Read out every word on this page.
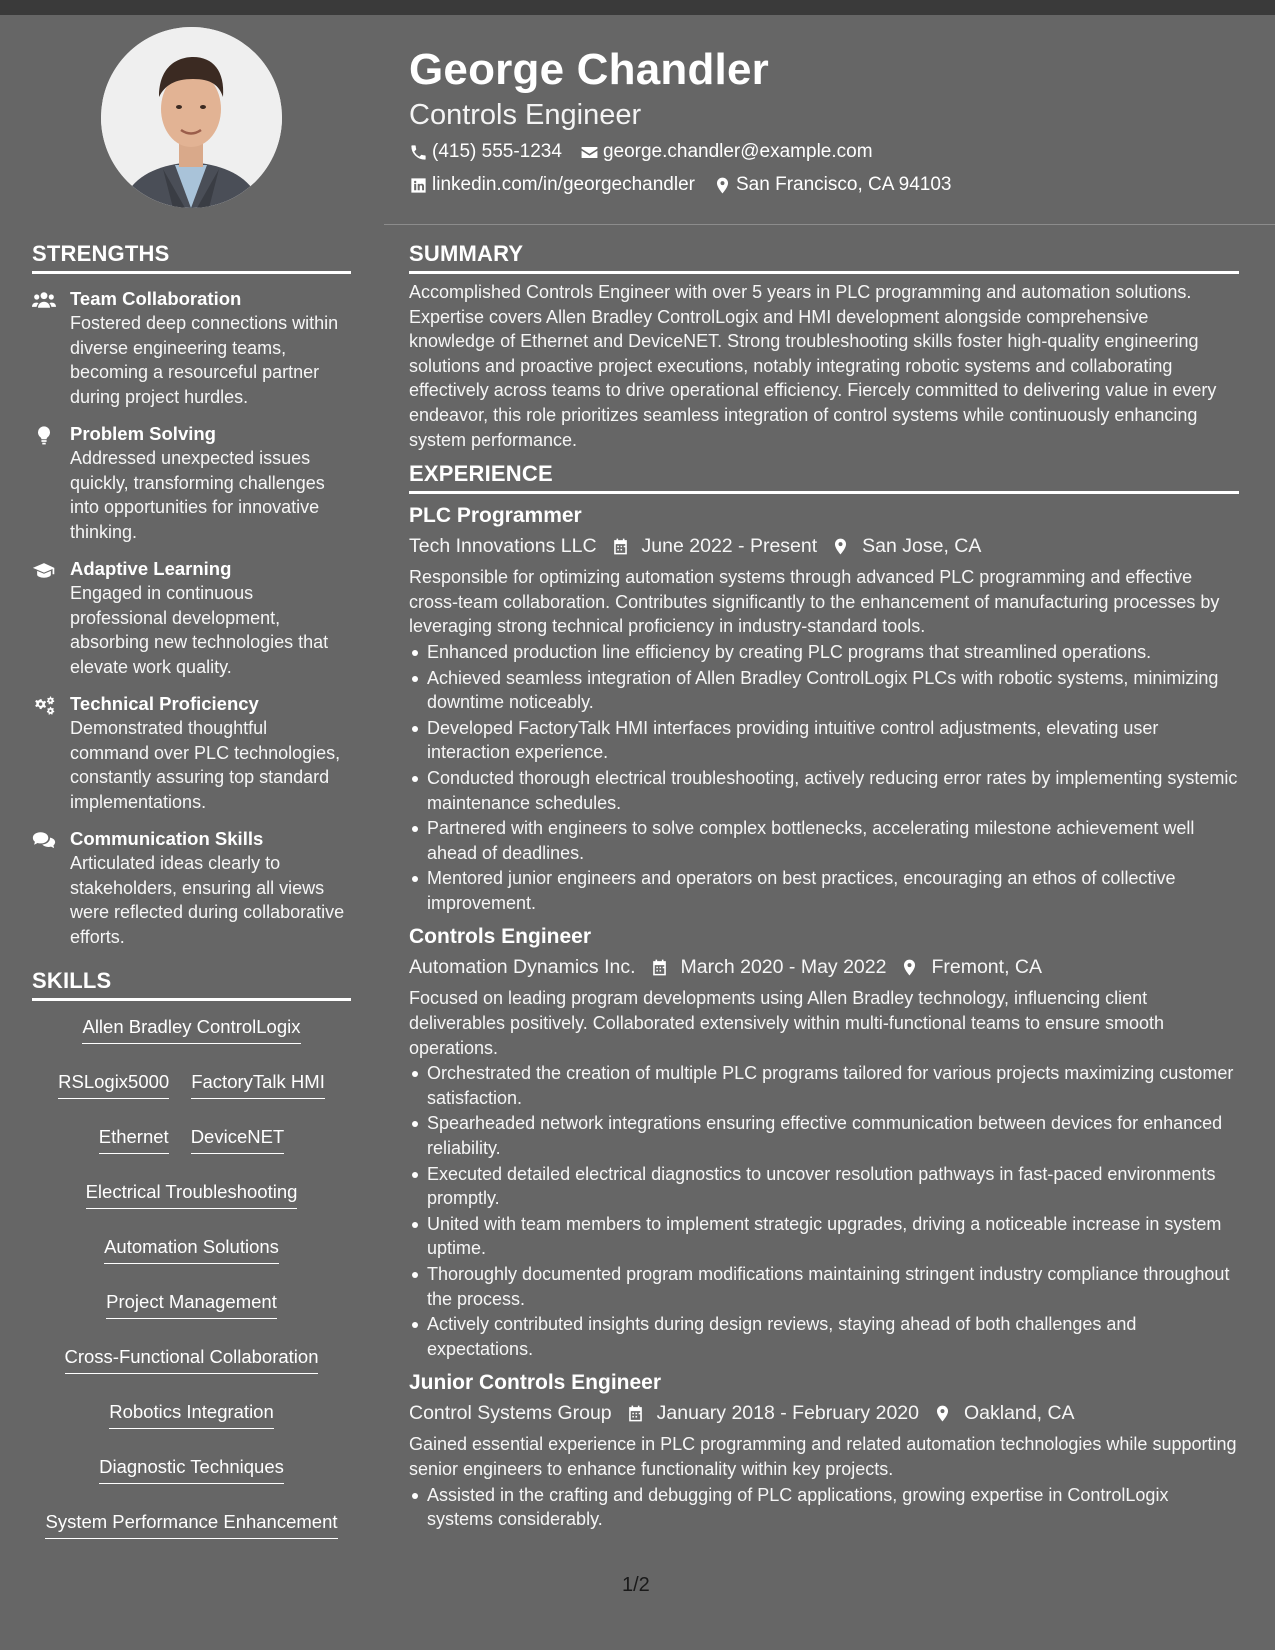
George Chandler
Controls Engineer
(415) 555-1234 george.chandler@example.com
linkedin.com/in/georgechandler San Francisco, CA 94103
STRENGTHS
Team Collaboration
Fostered deep connections within diverse engineering teams, becoming a resourceful partner during project hurdles.
Problem Solving
Addressed unexpected issues quickly, transforming challenges into opportunities for innovative thinking.
Adaptive Learning
Engaged in continuous professional development, absorbing new technologies that elevate work quality.
Technical Proficiency
Demonstrated thoughtful command over PLC technologies, constantly assuring top standard implementations.
Communication Skills
Articulated ideas clearly to stakeholders, ensuring all views were reflected during collaborative efforts.
SKILLS
Allen Bradley ControlLogix
RSLogix5000 FactoryTalk HMI
Ethernet DeviceNET
Electrical Troubleshooting
Automation Solutions
Project Management
Cross-Functional Collaboration
Robotics Integration
Diagnostic Techniques
System Performance Enhancement
SUMMARY
Accomplished Controls Engineer with over 5 years in PLC programming and automation solutions. Expertise covers Allen Bradley ControlLogix and HMI development alongside comprehensive knowledge of Ethernet and DeviceNET. Strong troubleshooting skills foster high-quality engineering solutions and proactive project executions, notably integrating robotic systems and collaborating effectively across teams to drive operational efficiency. Fiercely committed to delivering value in every endeavor, this role prioritizes seamless integration of control systems while continuously enhancing system performance.
EXPERIENCE
PLC Programmer
Tech Innovations LLC June 2022 - Present San Jose, CA
Responsible for optimizing automation systems through advanced PLC programming and effective cross-team collaboration. Contributes significantly to the enhancement of manufacturing processes by leveraging strong technical proficiency in industry-standard tools.
Enhanced production line efficiency by creating PLC programs that streamlined operations.
Achieved seamless integration of Allen Bradley ControlLogix PLCs with robotic systems, minimizing downtime noticeably.
Developed FactoryTalk HMI interfaces providing intuitive control adjustments, elevating user interaction experience.
Conducted thorough electrical troubleshooting, actively reducing error rates by implementing systemic maintenance schedules.
Partnered with engineers to solve complex bottlenecks, accelerating milestone achievement well ahead of deadlines.
Mentored junior engineers and operators on best practices, encouraging an ethos of collective improvement.
Controls Engineer
Automation Dynamics Inc. March 2020 - May 2022 Fremont, CA
Focused on leading program developments using Allen Bradley technology, influencing client deliverables positively. Collaborated extensively within multi-functional teams to ensure smooth operations.
Orchestrated the creation of multiple PLC programs tailored for various projects maximizing customer satisfaction.
Spearheaded network integrations ensuring effective communication between devices for enhanced reliability.
Executed detailed electrical diagnostics to uncover resolution pathways in fast-paced environments promptly.
United with team members to implement strategic upgrades, driving a noticeable increase in system uptime.
Thoroughly documented program modifications maintaining stringent industry compliance throughout the process.
Actively contributed insights during design reviews, staying ahead of both challenges and expectations.
Junior Controls Engineer
Control Systems Group January 2018 - February 2020 Oakland, CA
Gained essential experience in PLC programming and related automation technologies while supporting senior engineers to enhance functionality within key projects.
Assisted in the crafting and debugging of PLC applications, growing expertise in ControlLogix systems considerably.
1/2
